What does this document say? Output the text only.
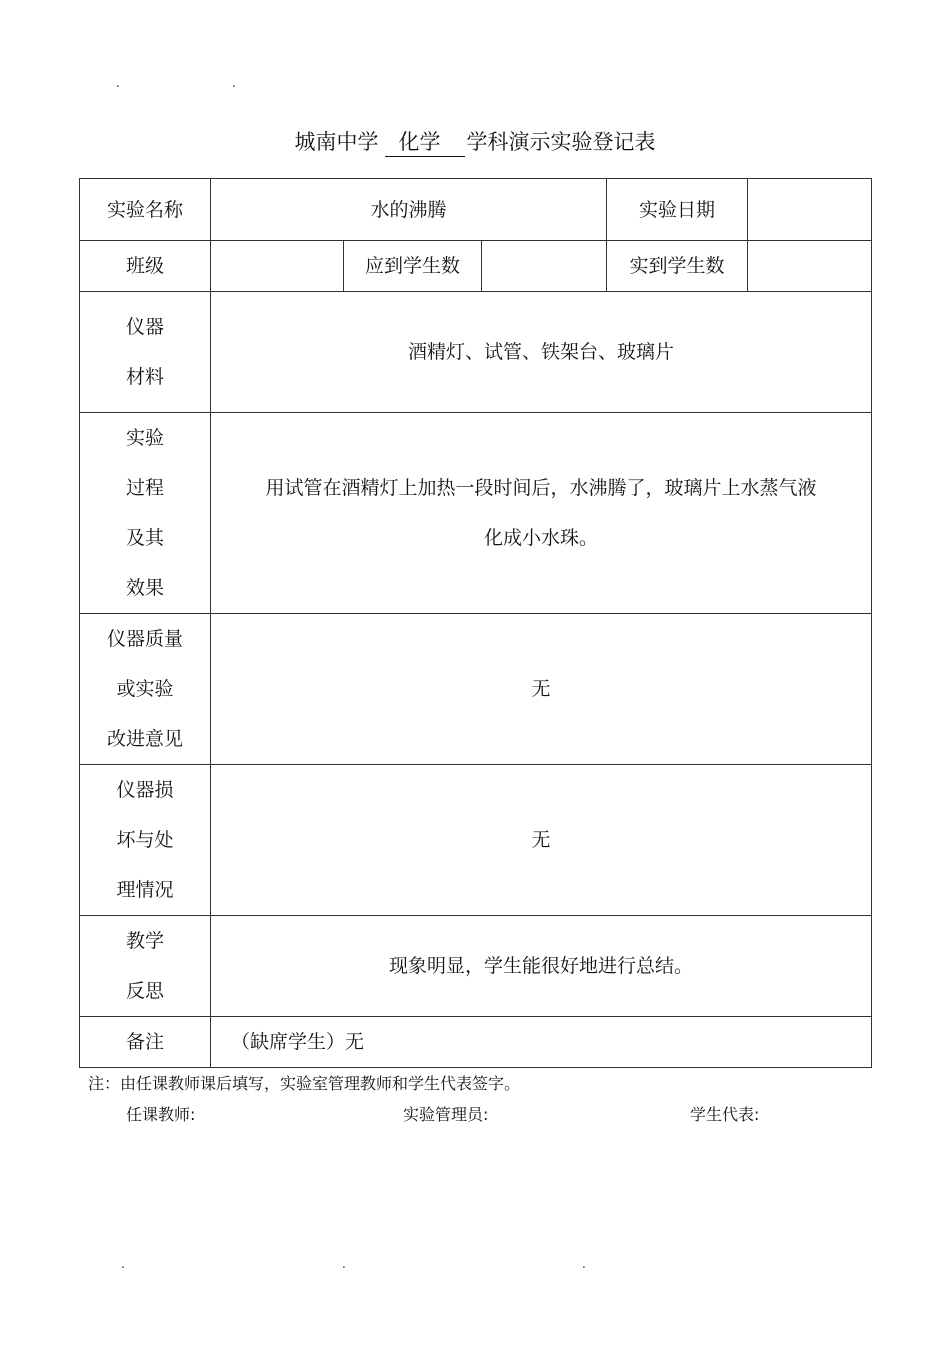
.	.
城南中学 化学 学科演示实验登记表
实验名称	水的沸腾			实验日期	
班级		应到学生数		实到学生数	

仪器
材料	酒精灯、试管、铁架台、玻璃片				

实验
过程
及其
效果	用试管在酒精灯上加热一段时间后，水沸腾了，玻璃片上水蒸气液
化成小水珠。				

仪器质量
或实验
改进意见	无				

仪器损
坏与处
理情况	无				

教学
反思	现象明显，学生能很好地进行总结。				
备注	（缺席学生）无				
注：由任课教师课后填写，实验室管理教师和学生代表签字。
任课教师:	实验管理员:	学生代表:
.	.	.
